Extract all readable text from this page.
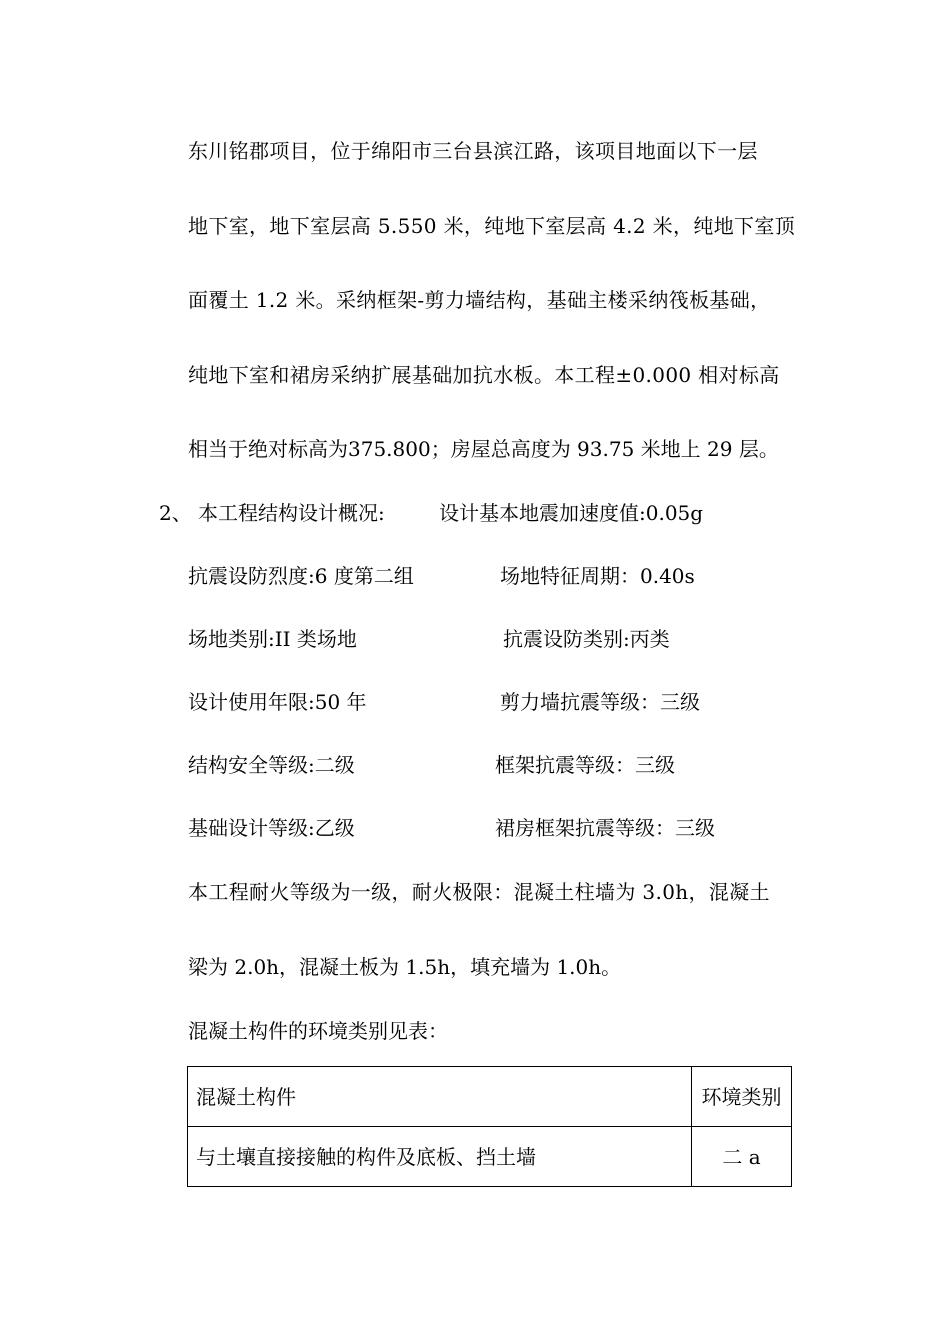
东川铭郡项目，位于绵阳市三台县滨江路，该项目地面以下一层
地下室，地下室层高 5.550 米，纯地下室层高 4.2 米，纯地下室顶
面覆土 1.2 米。采纳框架-剪力墙结构，基础主楼采纳筏板基础，
纯地下室和裙房采纳扩展基础加抗水板。本工程±0.000 相对标高
相当于绝对标高为375.800；房屋总高度为 93.75 米地上 29 层。
2、 本工程结构设计概况:	设计基本地震加速度值:0.05g
抗震设防烈度:6 度第二组	场地特征周期：0.40s
场地类别:II 类场地	抗震设防类别:丙类
设计使用年限:50 年	剪力墙抗震等级：三级
结构安全等级:二级	框架抗震等级：三级
基础设计等级:乙级	裙房框架抗震等级：三级
本工程耐火等级为一级，耐火极限：混凝土柱墙为 3.0h，混凝土
梁为 2.0h，混凝土板为 1.5h，填充墙为 1.0h。
混凝土构件的环境类别见表：
混凝土构件	环境类别
与土壤直接接触的构件及底板、挡土墙	二 a
